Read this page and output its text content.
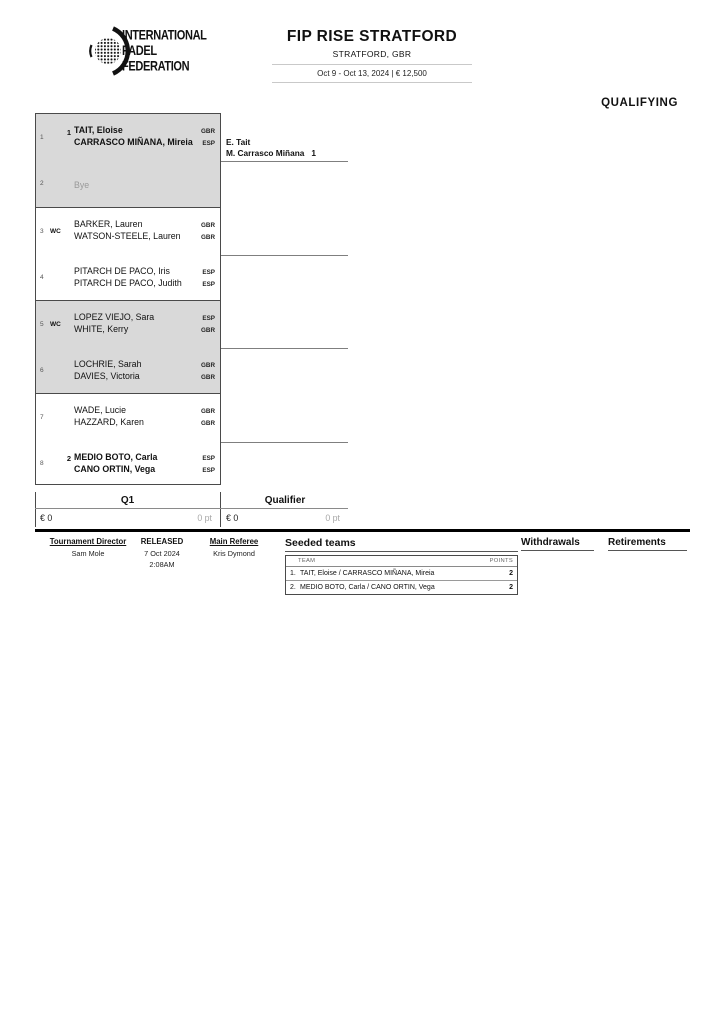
INTERNATIONAL
PADEL
FEDERATION
FIP RISE STRATFORD
STRATFORD, GBR
Oct 9 - Oct 13, 2024 | € 12,500
QUALIFYING
1
1 TAIT, Eloise	GBR
CARRASCO MIÑANA, Mireia	ESP
2	Bye
3 WC
BARKER, Lauren	GBR
WATSON-STEELE, Lauren	GBR
4
PITARCH DE PACO, Iris	ESP
PITARCH DE PACO, Judith	ESP
5 WC
LOPEZ VIEJO, Sara	ESP
WHITE, Kerry	GBR
6
LOCHRIE, Sarah	GBR
DAVIES, Victoria	GBR
7
WADE, Lucie	GBR
HAZZARD, Karen	GBR
8
2 MEDIO BOTO, Carla	ESP
CANO ORTIN, Vega	ESP
E. Tait
M. Carrasco Miñana 1
Q1	Qualifier
€ 0	0 pt € 0	0 pt
Tournament Director
Sam Mole
RELEASED
7 Oct 2024
2:08AM
Main Referee
Kris Dymond
Seeded teams
TEAM	POINTS
1. TAIT, Eloise / CARRASCO MIÑANA, Mireia	2
2. MEDIO BOTO, Carla / CANO ORTIN, Vega	2
Withdrawals	Retirements
